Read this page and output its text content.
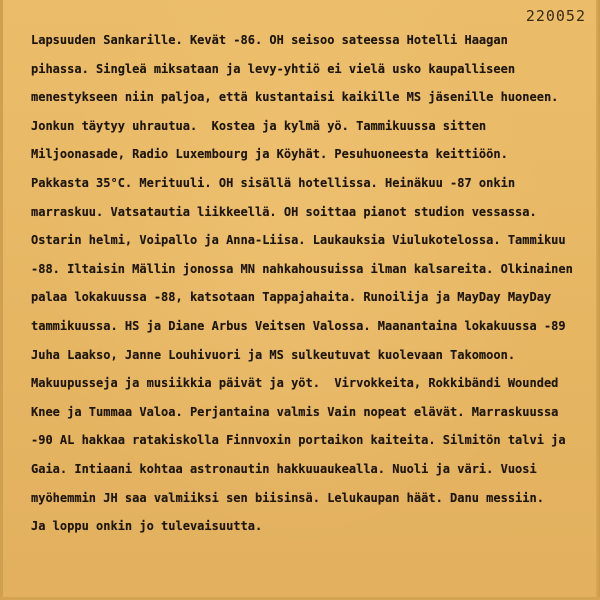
220052
Lapsuuden Sankarille. Kevät -86. OH seisoo sateessa Hotelli Haagan
pihassa. Singleä miksataan ja levy-yhtiö ei vielä usko kaupalliseen
menestykseen niin paljoa, että kustantaisi kaikille MS jäsenille huoneen.
Jonkun täytyy uhrautua.  Kostea ja kylmä yö. Tammikuussa sitten
Miljoonasade, Radio Luxembourg ja Köyhät. Pesuhuoneesta keittiöön.
Pakkasta 35°C. Merituuli. OH sisällä hotellissa. Heinäkuu -87 onkin
marraskuu. Vatsatautia liikkeellä. OH soittaa pianot studion vessassa.
Ostarin helmi, Voipallo ja Anna-Liisa. Laukauksia Viulukotelossa. Tammikuu
-88. Iltaisin Mällin jonossa MN nahkahousuissa ilman kalsareita. Olkinainen
palaa lokakuussa -88, katsotaan Tappajahaita. Runoilija ja MayDay MayDay
tammikuussa. HS ja Diane Arbus Veitsen Valossa. Maanantaina lokakuussa -89
Juha Laakso, Janne Louhivuori ja MS sulkeutuvat kuolevaan Takomoon.
Makuupusseja ja musiikkia päivät ja yöt.  Virvokkeita, Rokkibändi Wounded
Knee ja Tummaa Valoa. Perjantaina valmis Vain nopeat elävät. Marraskuussa
-90 AL hakkaa ratakiskolla Finnvoxin portaikon kaiteita. Silmitön talvi ja
Gaia. Intiaani kohtaa astronautin hakkuuaukealla. Nuoli ja väri. Vuosi
myöhemmin JH saa valmiiksi sen biisinsä. Lelukaupan häät. Danu messiin.
Ja loppu onkin jo tulevaisuutta.
